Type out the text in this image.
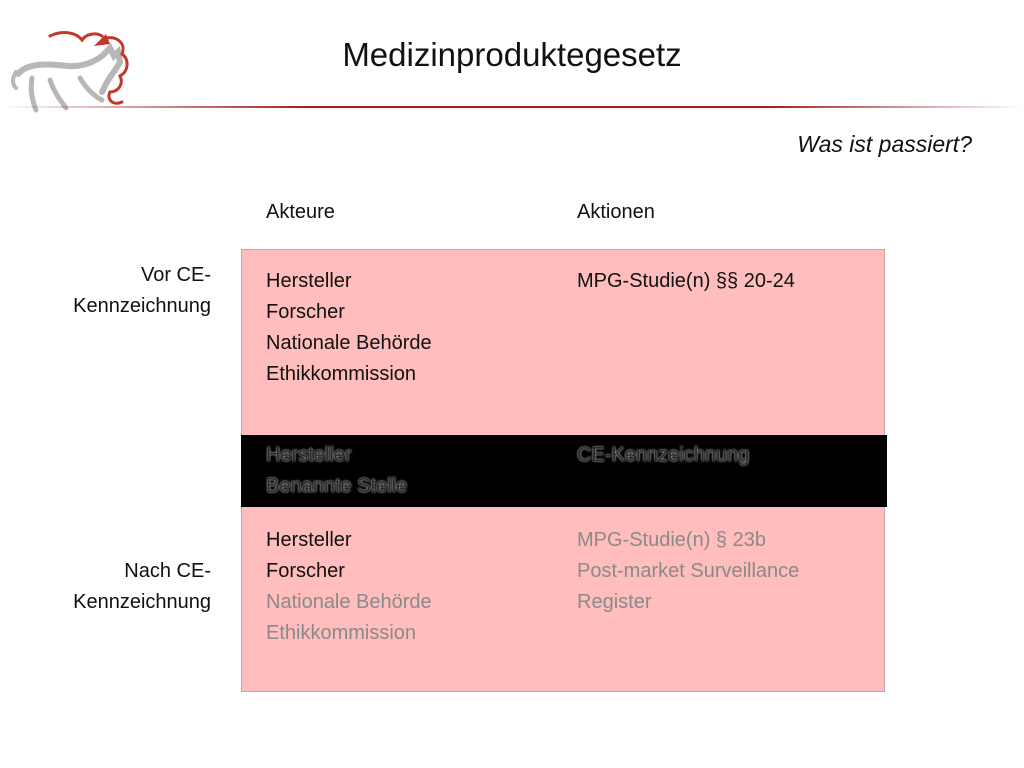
Medizinproduktegesetz
Was ist passiert?
Akteure	Aktionen
Vor CE-
Kennzeichnung
Nach CE-
Kennzeichnung
Hersteller
Forscher
Nationale Behörde
Ethikkommission
MPG-Studie(n) §§ 20-24
Hersteller
Benannte Stelle
CE-Kennzeichnung
Hersteller
Forscher
Nationale Behörde
Ethikkommission
MPG-Studie(n) § 23b
Post-market Surveillance
Register
